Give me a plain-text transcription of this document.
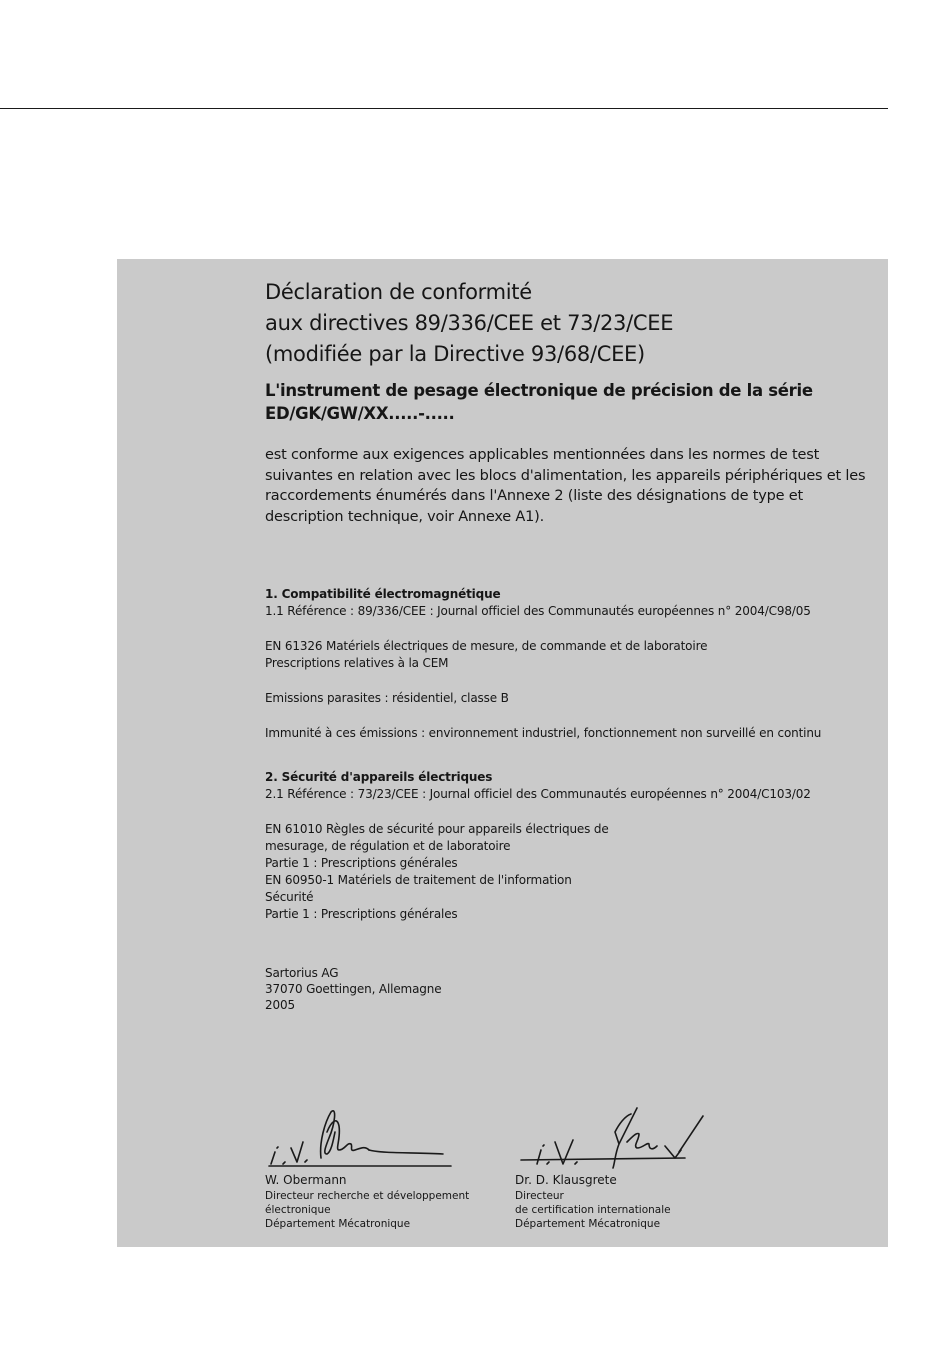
Déclaration de conformité
aux directives 89/336/CEE et 73/23/CEE
(modifiée par la Directive 93/68/CEE)
L'instrument de pesage électronique de précision de la série
ED/GK/GW/XX.....-.....

est conforme aux exigences applicables mentionnées dans les normes de test
suivantes en relation avec les blocs d'alimentation, les appareils périphériques et les
raccordements énumérés dans l'Annexe 2 (liste des désignations de type et
description technique, voir Annexe A1).

1. Compatibilité électromagnétique
1.1 Référence : 89/336/CEE : Journal officiel des Communautés européennes n° 2004/C98/05
EN 61326 Matériels électriques de mesure, de commande et de laboratoire
Prescriptions relatives à la CEM
Emissions parasites : résidentiel, classe B
Immunité à ces émissions : environnement industriel, fonctionnement non surveillé en continu
2. Sécurité d'appareils électriques
2.1 Référence : 73/23/CEE : Journal officiel des Communautés européennes n° 2004/C103/02
EN 61010 Règles de sécurité pour appareils électriques de
mesurage, de régulation et de laboratoire
Partie 1 : Prescriptions générales
EN 60950-1 Matériels de traitement de l'information
Sécurité
Partie 1 : Prescriptions générales
Sartorius AG
37070 Goettingen, Allemagne
2005
W. Obermann
Directeur recherche et développement
électronique
Département Mécatronique
Dr. D. Klausgrete
Directeur
de certification internationale
Département Mécatronique
